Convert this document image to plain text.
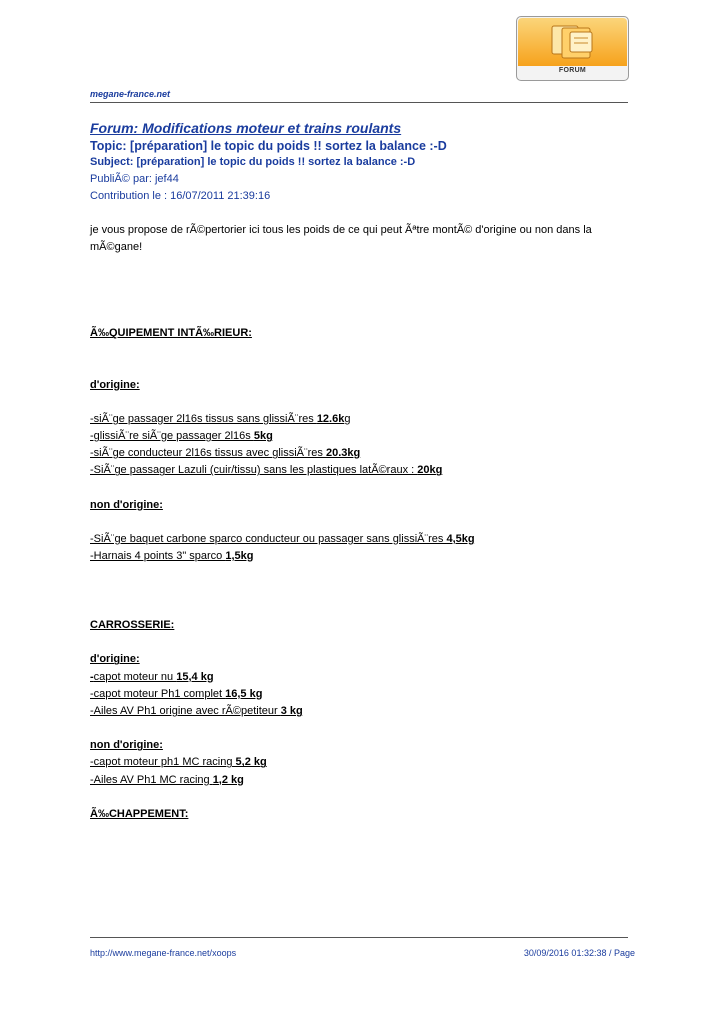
FORUM
megane-france.net
Forum: Modifications moteur et trains roulants
Topic: [préparation] le topic du poids !! sortez la balance :-D
Subject: [préparation] le topic du poids !! sortez la balance :-D
PubliÃ© par: jef44
Contribution le : 16/07/2011 21:39:16

je vous propose de rÃ©pertorier ici tous les poids de ce qui peut Ãªtre montÃ© d'origine ou non dans la mÃ©gane!

Ã‰QUIPEMENT INTÃ‰RIEUR:

d'origine:

-siÃ¨ge passager 2l16s tissus sans glissiÃ¨res 12.6kg

-glissiÃ¨re siÃ¨ge passager 2l16s 5kg

-siÃ¨ge conducteur 2l16s tissus avec glissiÃ¨res 20.3kg

-SiÃ¨ge passager Lazuli (cuir/tissu) sans les plastiques latÃ©raux : 20kg

non d'origine:

-SiÃ¨ge baquet carbone sparco conducteur ou passager sans glissiÃ¨res 4,5kg

-Harnais 4 points 3" sparco 1,5kg

CARROSSERIE:

d'origine:

-capot moteur nu 15,4 kg

-capot moteur Ph1 complet 16,5 kg

-Ailes AV Ph1 origine avec rÃ©petiteur 3 kg

non d'origine:

-capot moteur ph1 MC racing 5,2 kg

-Ailes AV Ph1 MC racing 1,2 kg

Ã‰CHAPPEMENT:

http://www.megane-france.net/xoops	30/09/2016 01:32:38 / Page
